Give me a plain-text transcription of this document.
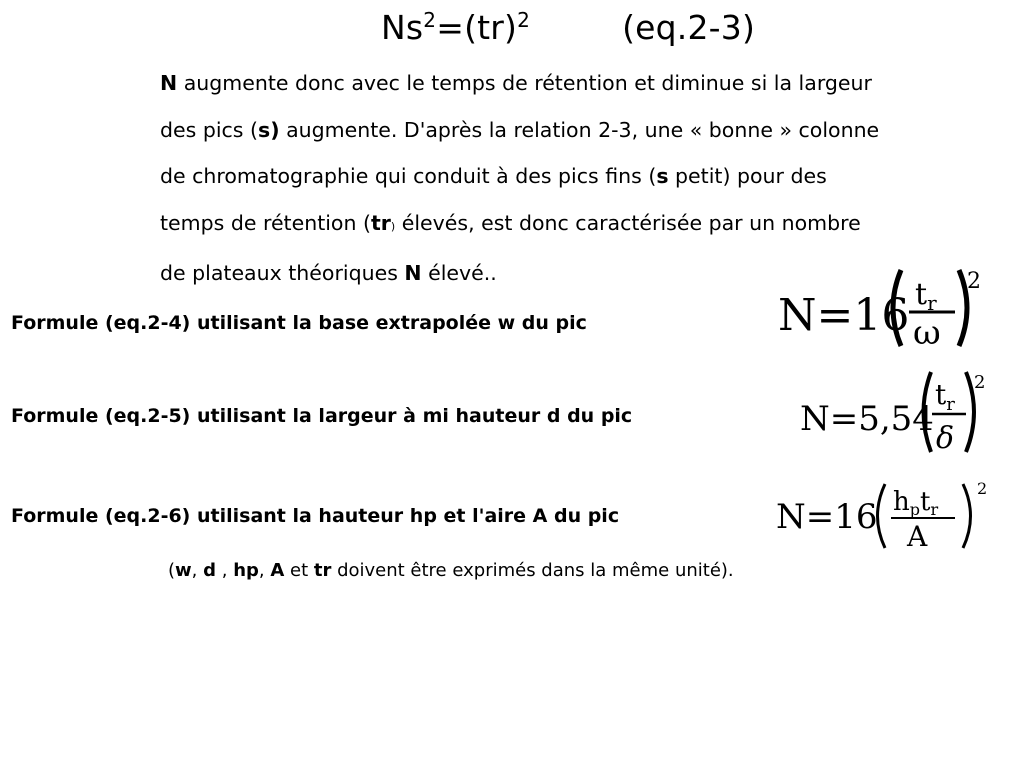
$Ns^2=(tr)^2$	(eq.2-3)
N augmente donc avec le temps de rétention et diminue si la largeur
des pics (s) augmente. D'après la relation 2-3, une « bonne » colonne
de chromatographie qui conduit à des pics fins (s petit) pour des
temps de rétention (tr) élevés, est donc caractérisée par un nombre
de plateaux théoriques N élevé..
Formule (eq.2-4) utilisant la base extrapolée w du pic	N=16 $t_r$
ω
2
Formule (eq.2-5) utilisant la largeur à mi hauteur d du pic	N=5,54
$t_r$
δ
2
Formule (eq.2-6) utilisant la hauteur hp et l'aire A du pic	N=16 hptr
A
2
(w, d , hp, A et tr doivent être exprimés dans la même unité).
